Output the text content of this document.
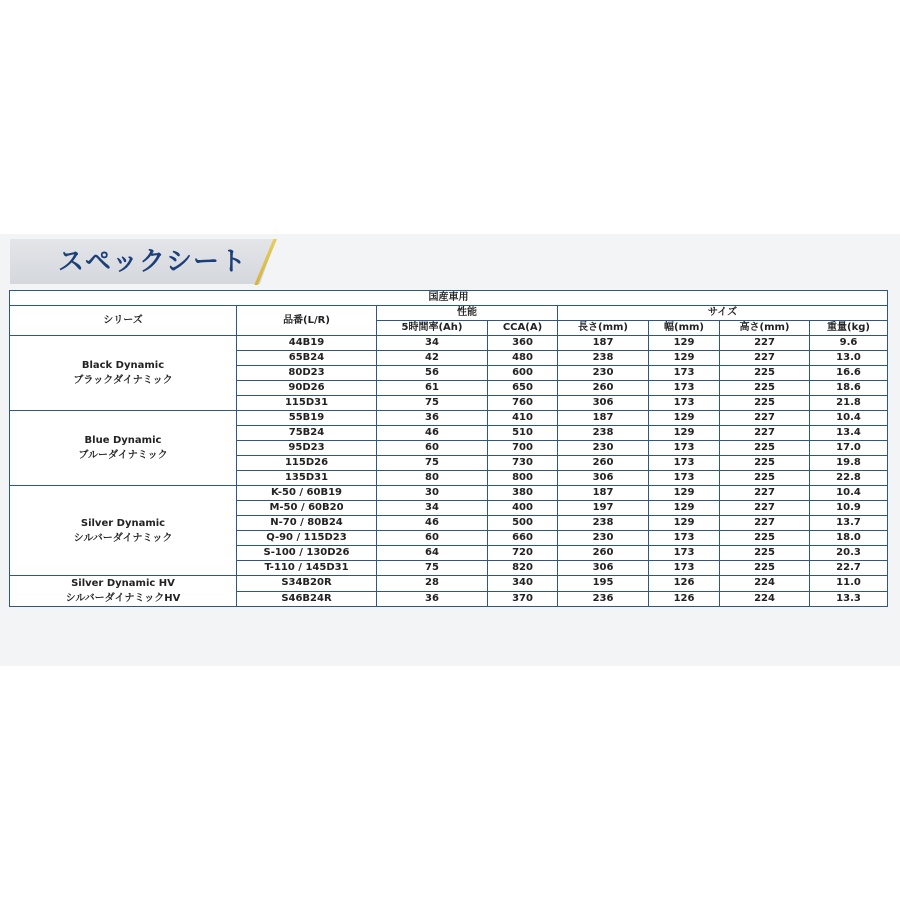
スペックシート
国産車用							
シリーズ	品番(L/R)	性能		サイズ			
		5時間率(Ah)	CCA(A)	長さ(mm)	幅(mm)	高さ(mm)	重量(kg)

Black Dynamic
ブラックダイナミック	44B19	34	360	187	129	227	9.6
	65B24	42	480	238	129	227	13.0
	80D23	56	600	230	173	225	16.6
	90D26	61	650	260	173	225	18.6
	115D31	75	760	306	173	225	21.8

Blue Dynamic
ブルーダイナミック	55B19	36	410	187	129	227	10.4
	75B24	46	510	238	129	227	13.4
	95D23	60	700	230	173	225	17.0
	115D26	75	730	260	173	225	19.8
	135D31	80	800	306	173	225	22.8

Silver Dynamic
シルバーダイナミック	K-50 / 60B19	30	380	187	129	227	10.4
	M-50 / 60B20	34	400	197	129	227	10.9
	N-70 / 80B24	46	500	238	129	227	13.7
	Q-90 / 115D23	60	660	230	173	225	18.0
	S-100 / 130D26	64	720	260	173	225	20.3
	T-110 / 145D31	75	820	306	173	225	22.7

Silver Dynamic HV
シルバーダイナミックHV	S34B20R	28	340	195	126	224	11.0
	S46B24R	36	370	236	126	224	13.3
